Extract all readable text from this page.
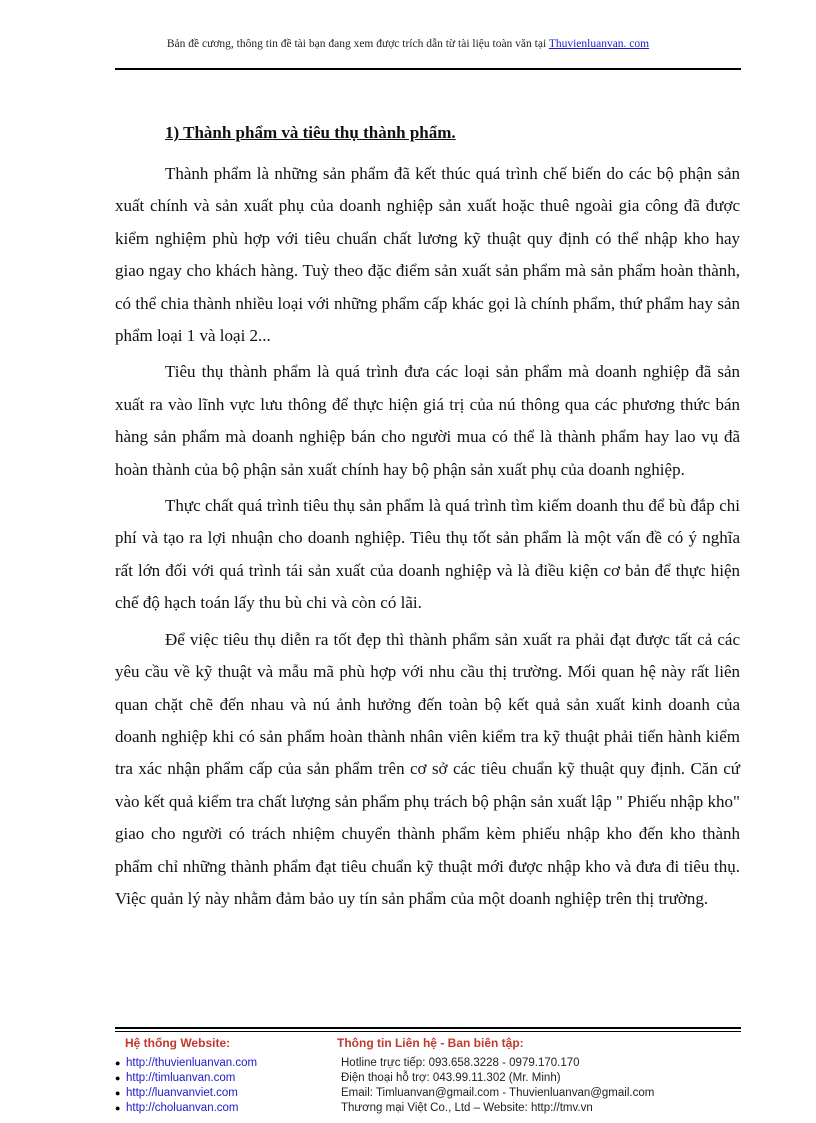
Bản đề cương, thông tin đề tài bạn đang xem được trích dẫn từ tài liệu toàn văn tại Thuvienluanvan. com
1) Thành phẩm và tiêu thụ thành phẩm.

Thành phẩm là những sản phẩm đã kết thúc quá trình chế biến do các bộ phận sản xuất chính và sản xuất phụ của doanh nghiệp sản xuất hoặc thuê ngoài gia công đã được kiểm nghiệm phù hợp với tiêu chuẩn chất lương kỹ thuật quy định có thể nhập kho hay giao ngay cho khách hàng. Tuỳ theo đặc điểm sản xuất sản phẩm mà sản phẩm hoàn thành, có thể chia thành nhiều loại với những phẩm cấp khác gọi là chính phẩm, thứ phẩm hay sản phẩm loại 1 và loại 2...

Tiêu thụ thành phẩm là quá trình đưa các loại sản phẩm mà doanh nghiệp đã sản xuất ra vào lĩnh vực lưu thông để thực hiện giá trị của nú thông qua các phương thức bán hàng sản phẩm mà doanh nghiệp bán cho người mua có thể là thành phẩm hay lao vụ đã hoàn thành của bộ phận sản xuất chính hay bộ phận sản xuất phụ của doanh nghiệp.

Thực chất quá trình tiêu thụ sản phẩm là quá trình tìm kiếm doanh thu để bù đắp chi phí và tạo ra lợi nhuận cho doanh nghiệp. Tiêu thụ tốt sản phẩm là một vấn đề có ý nghĩa rất lớn đối với quá trình tái sản xuất của doanh nghiệp và là điều kiện cơ bản để thực hiện chế độ hạch toán lấy thu bù chi và còn có lãi.

Để việc tiêu thụ diễn ra tốt đẹp thì thành phẩm sản xuất ra phải đạt được tất cả các yêu cầu về kỹ thuật và mẫu mã phù hợp với nhu cầu thị trường. Mối quan hệ này rất liên quan chặt chẽ đến nhau và nú ảnh hưởng đến toàn bộ kết quả sản xuất kinh doanh của doanh nghiệp khi có sản phẩm hoàn thành nhân viên kiểm tra kỹ thuật phải tiến hành kiểm tra xác nhận phẩm cấp của sản phẩm trên cơ sở các tiêu chuẩn kỹ thuật quy định. Căn cứ vào kết quả kiểm tra chất lượng sản phẩm phụ trách bộ phận sản xuất lập " Phiếu nhập kho" giao cho người có trách nhiệm chuyển thành phẩm kèm phiếu nhập kho đến kho thành phẩm chỉ những thành phẩm đạt tiêu chuẩn kỹ thuật mới được nhập kho và đưa đi tiêu thụ. Việc quản lý này nhằm đảm bảo uy tín sản phẩm của một doanh nghiệp trên thị trường.

Hệ thống Website:
● http://thuvienluanvan.com
● http://timluanvan.com
● http://luanvanviet.com
● http://choluanvan.com
Thông tin Liên hệ - Ban biên tập:
Hotline trực tiếp: 093.658.3228 - 0979.170.170
Điện thoại hỗ trợ: 043.99.11.302 (Mr. Minh)
Email: Timluanvan@gmail.com - Thuvienluanvan@gmail.com
Thương mại Việt Co., Ltd – Website: http://tmv.vn
